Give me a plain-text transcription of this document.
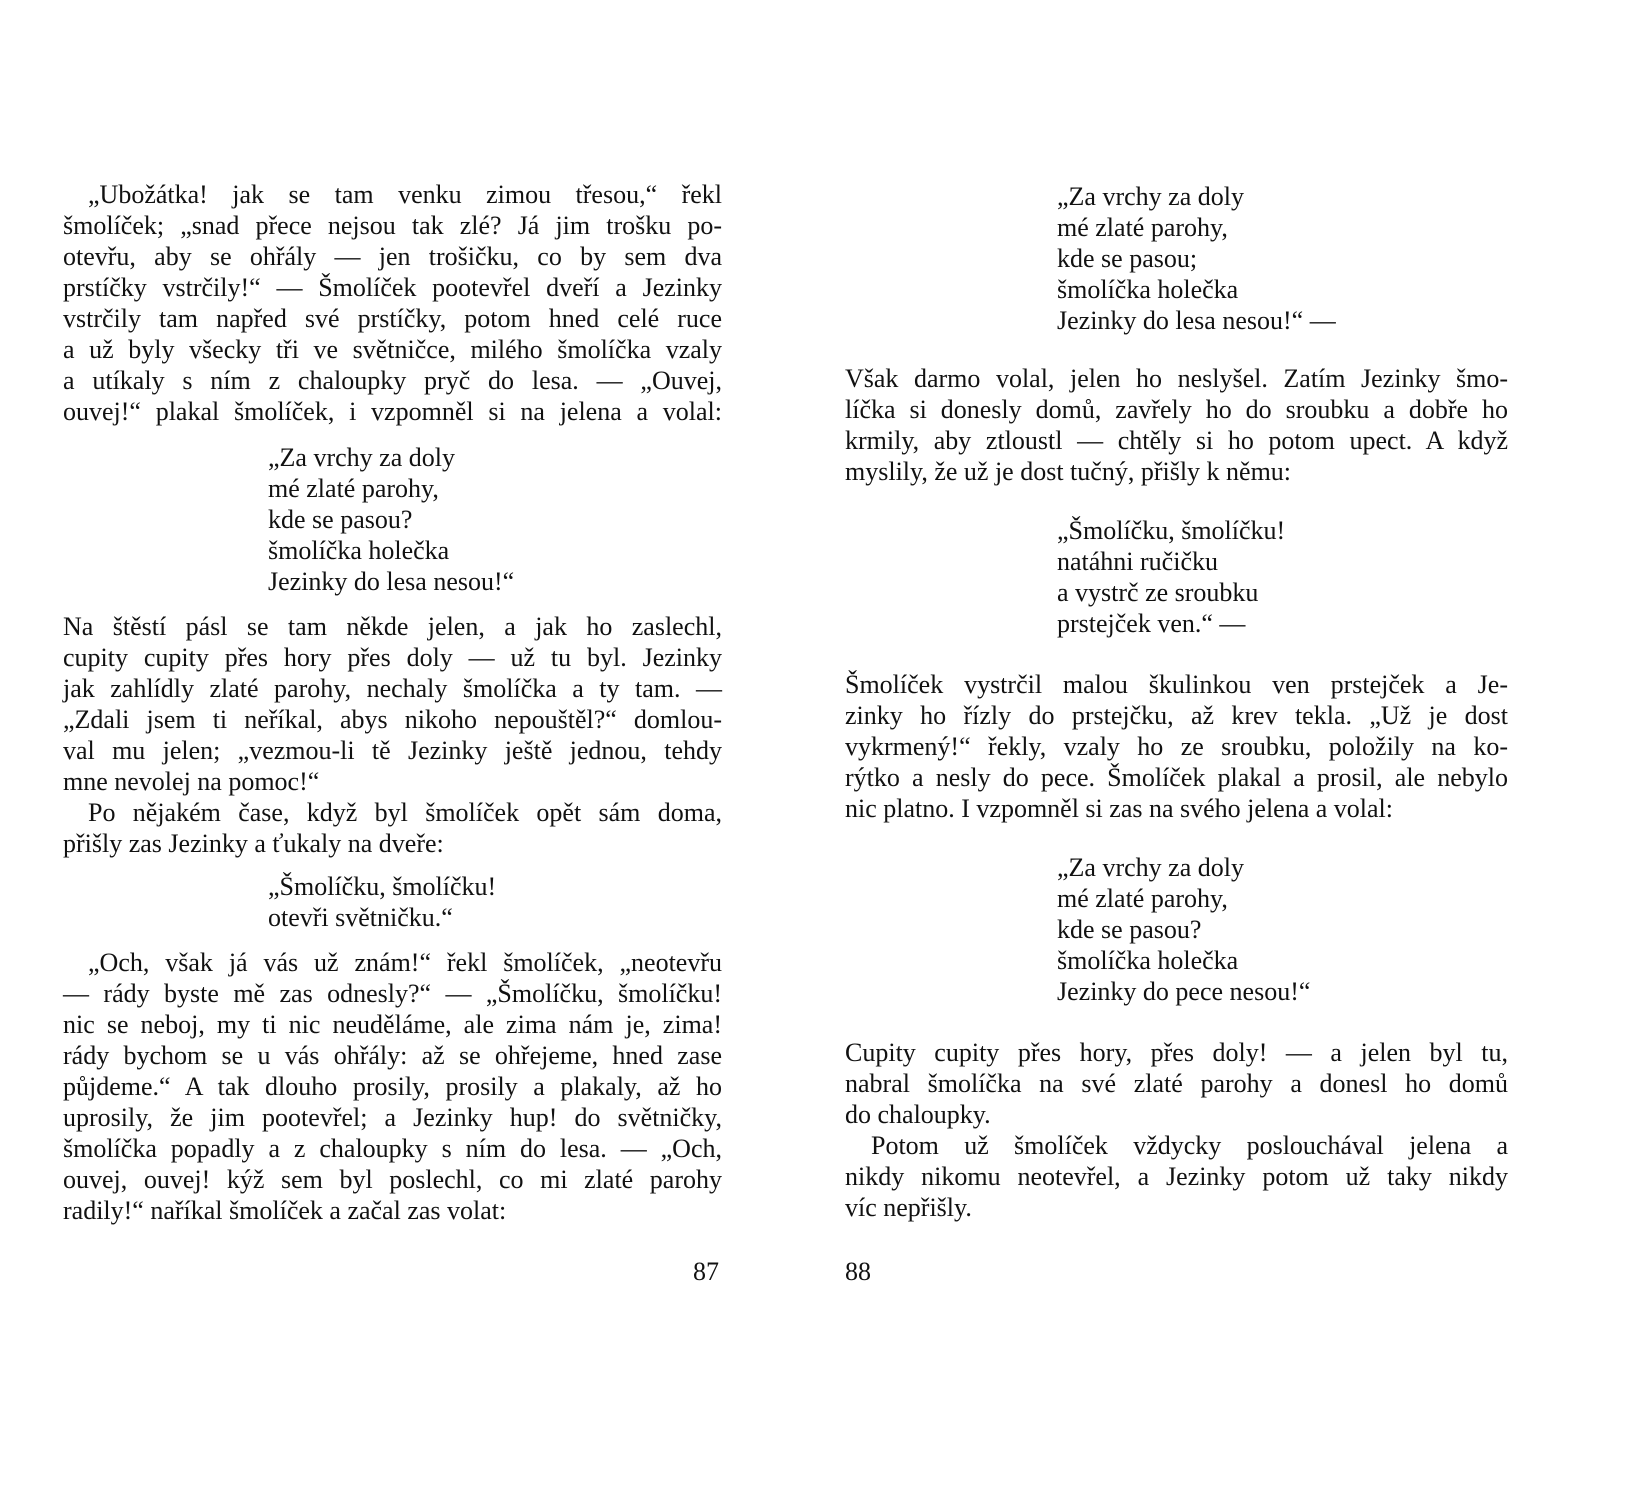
„Ubožátka! jak se tam venku zimou třesou,“ řekl
šmolíček; „snad přece nejsou tak zlé? Já jim trošku po-
otevřu, aby se ohřály — jen trošičku, co by sem dva
prstíčky vstrčily!“ — Šmolíček pootevřel dveří a Jezinky
vstrčily tam napřed své prstíčky, potom hned celé ruce
a už byly všecky tři ve světničce, milého šmolíčka vzaly
a utíkaly s ním z chaloupky pryč do lesa. — „Ouvej,
ouvej!“ plakal šmolíček, i vzpomněl si na jelena a volal:
„Za vrchy za doly
mé zlaté parohy,
kde se pasou?
šmolíčka holečka
Jezinky do lesa nesou!“
Na štěstí pásl se tam někde jelen, a jak ho zaslechl,
cupity cupity přes hory přes doly — už tu byl. Jezinky
jak zahlídly zlaté parohy, nechaly šmolíčka a ty tam. —
„Zdali jsem ti neříkal, abys nikoho nepouštěl?“ domlou-
val mu jelen; „vezmou-li tě Jezinky ještě jednou, tehdy
mne nevolej na pomoc!“
Po nějakém čase, když byl šmolíček opět sám doma,
přišly zas Jezinky a ťukaly na dveře:
„Šmolíčku, šmolíčku!
otevři světničku.“
„Och, však já vás už znám!“ řekl šmolíček, „neotevřu
— rády byste mě zas odnesly?“ — „Šmolíčku, šmolíčku!
nic se neboj, my ti nic neuděláme, ale zima nám je, zima!
rády bychom se u vás ohřály: až se ohřejeme, hned zase
půjdeme.“ A tak dlouho prosily, prosily a plakaly, až ho
uprosily, že jim pootevřel; a Jezinky hup! do světničky,
šmolíčka popadly a z chaloupky s ním do lesa. — „Och,
ouvej, ouvej! kýž sem byl poslechl, co mi zlaté parohy
radily!“ naříkal šmolíček a začal zas volat:
87
„Za vrchy za doly
mé zlaté parohy,
kde se pasou;
šmolíčka holečka
Jezinky do lesa nesou!“ —
Však darmo volal, jelen ho neslyšel. Zatím Jezinky šmo-
líčka si donesly domů, zavřely ho do sroubku a dobře ho
krmily, aby ztloustl — chtěly si ho potom upect. A když
myslily, že už je dost tučný, přišly k němu:
„Šmolíčku, šmolíčku!
natáhni ručičku
a vystrč ze sroubku
prstejček ven.“ —
Šmolíček vystrčil malou škulinkou ven prstejček a Je-
zinky ho řízly do prstejčku, až krev tekla. „Už je dost
vykrmený!“ řekly, vzaly ho ze sroubku, položily na ko-
rýtko a nesly do pece. Šmolíček plakal a prosil, ale nebylo
nic platno. I vzpomněl si zas na svého jelena a volal:
„Za vrchy za doly
mé zlaté parohy,
kde se pasou?
šmolíčka holečka
Jezinky do pece nesou!“
Cupity cupity přes hory, přes doly! — a jelen byl tu,
nabral šmolíčka na své zlaté parohy a donesl ho domů
do chaloupky.
Potom už šmolíček vždycky poslouchával jelena a
nikdy nikomu neotevřel, a Jezinky potom už taky nikdy
víc nepřišly.
88
